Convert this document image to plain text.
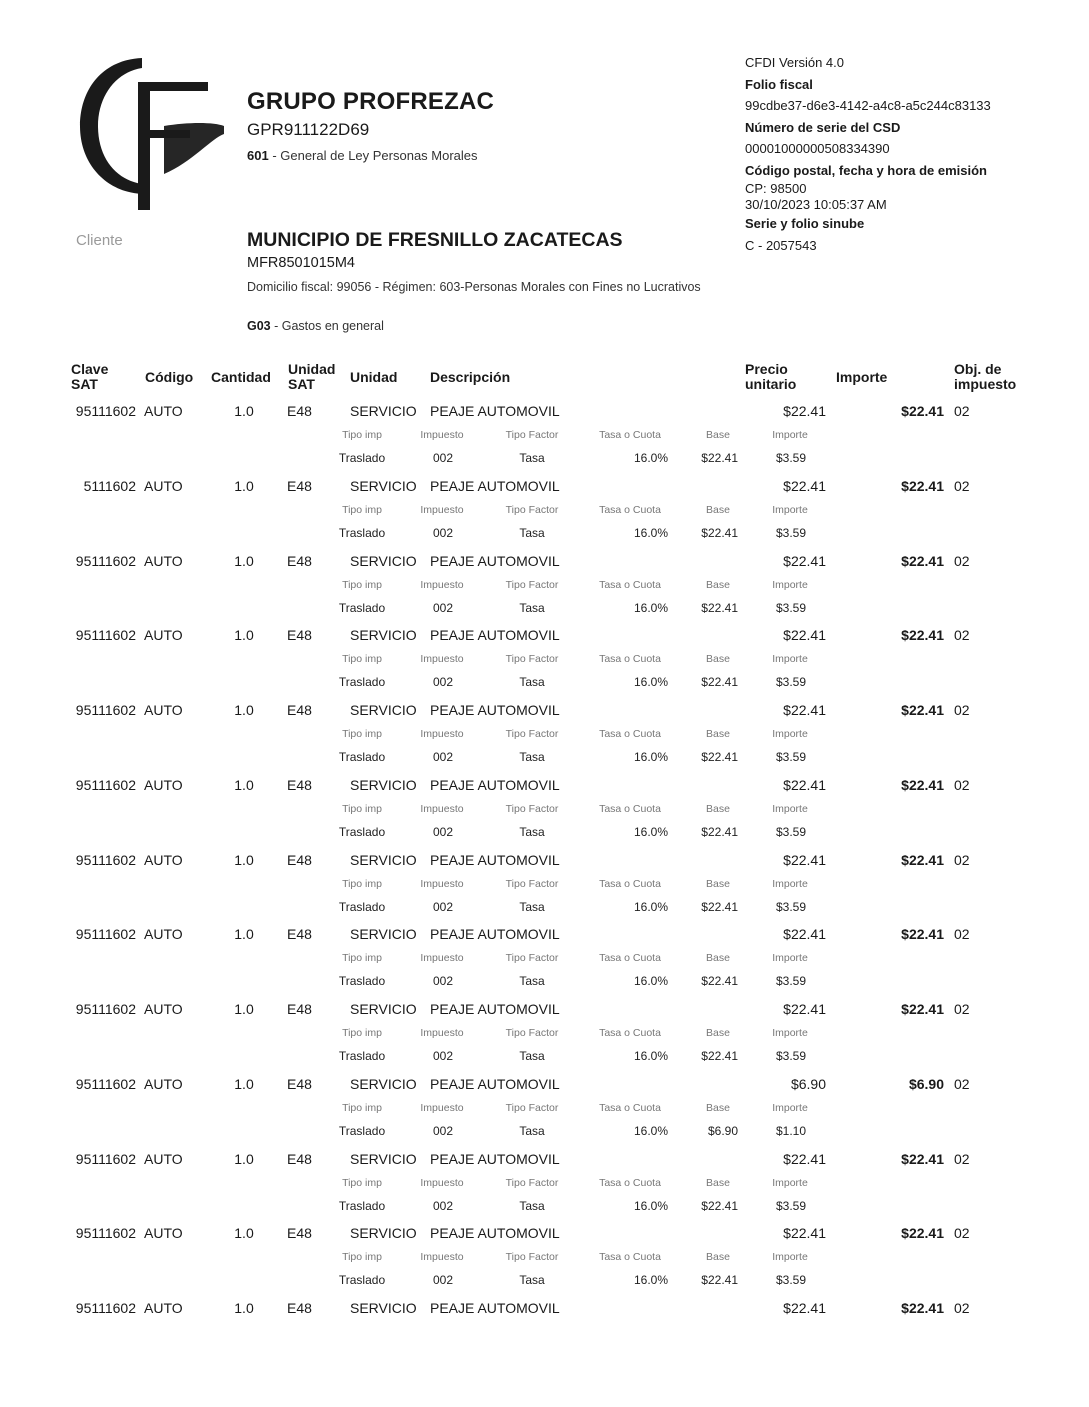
GRUPO PROFREZAC
GPR911122D69
601 - General de Ley Personas Morales
CFDI Versión 4.0
Folio fiscal
99cdbe37-d6e3-4142-a4c8-a5c244c83133
Número de serie del CSD
00001000000508334390
Código postal, fecha y hora de emisión
CP: 98500
30/10/2023 10:05:37 AM
Serie y folio sinube
C - 2057543
Cliente	MUNICIPIO DE FRESNILLO ZACATECAS
MFR8501015M4
Domicilio fiscal: 99056 - Régimen: 603-Personas Morales con Fines no Lucrativos
G03 - Gastos en general
Clave SAT	Código Cantidad Unidad SAT	Unidad Descripción	Precio unitario	Importe	Obj. de impuesto
95111602 AUTO	1.0	E48	SERVICIO PEAJE AUTOMOVIL	$22.41	$22.41 02
Tipo imp	Impuesto	Tipo Factor	Tasa o Cuota	Base	Importe
Traslado	002	Tasa	16.0%	$22.41	$3.59
5111602 AUTO	1.0	E48	SERVICIO PEAJE AUTOMOVIL	$22.41	$22.41 02
Tipo imp	Impuesto	Tipo Factor	Tasa o Cuota	Base	Importe
Traslado	002	Tasa	16.0%	$22.41	$3.59
95111602 AUTO	1.0	E48	SERVICIO PEAJE AUTOMOVIL	$22.41	$22.41 02
Tipo imp	Impuesto	Tipo Factor	Tasa o Cuota	Base	Importe
Traslado	002	Tasa	16.0%	$22.41	$3.59
95111602 AUTO	1.0	E48	SERVICIO PEAJE AUTOMOVIL	$22.41	$22.41 02
Tipo imp	Impuesto	Tipo Factor	Tasa o Cuota	Base	Importe
Traslado	002	Tasa	16.0%	$22.41	$3.59
95111602 AUTO	1.0	E48	SERVICIO PEAJE AUTOMOVIL	$22.41	$22.41 02
Tipo imp	Impuesto	Tipo Factor	Tasa o Cuota	Base	Importe
Traslado	002	Tasa	16.0%	$22.41	$3.59
95111602 AUTO	1.0	E48	SERVICIO PEAJE AUTOMOVIL	$22.41	$22.41 02
Tipo imp	Impuesto	Tipo Factor	Tasa o Cuota	Base	Importe
Traslado	002	Tasa	16.0%	$22.41	$3.59
95111602 AUTO	1.0	E48	SERVICIO PEAJE AUTOMOVIL	$22.41	$22.41 02
Tipo imp	Impuesto	Tipo Factor	Tasa o Cuota	Base	Importe
Traslado	002	Tasa	16.0%	$22.41	$3.59
95111602 AUTO	1.0	E48	SERVICIO PEAJE AUTOMOVIL	$22.41	$22.41 02
Tipo imp	Impuesto	Tipo Factor	Tasa o Cuota	Base	Importe
Traslado	002	Tasa	16.0%	$22.41	$3.59
95111602 AUTO	1.0	E48	SERVICIO PEAJE AUTOMOVIL	$22.41	$22.41 02
Tipo imp	Impuesto	Tipo Factor	Tasa o Cuota	Base	Importe
Traslado	002	Tasa	16.0%	$22.41	$3.59
95111602 AUTO	1.0	E48	SERVICIO PEAJE AUTOMOVIL	$6.90	$6.90 02
Tipo imp	Impuesto	Tipo Factor	Tasa o Cuota	Base	Importe
Traslado	002	Tasa	16.0%	$6.90	$1.10
95111602 AUTO	1.0	E48	SERVICIO PEAJE AUTOMOVIL	$22.41	$22.41 02
Tipo imp	Impuesto	Tipo Factor	Tasa o Cuota	Base	Importe
Traslado	002	Tasa	16.0%	$22.41	$3.59
95111602 AUTO	1.0	E48	SERVICIO PEAJE AUTOMOVIL	$22.41	$22.41 02
Tipo imp	Impuesto	Tipo Factor	Tasa o Cuota	Base	Importe
Traslado	002	Tasa	16.0%	$22.41	$3.59
95111602 AUTO	1.0	E48	SERVICIO PEAJE AUTOMOVIL	$22.41	$22.41 02
